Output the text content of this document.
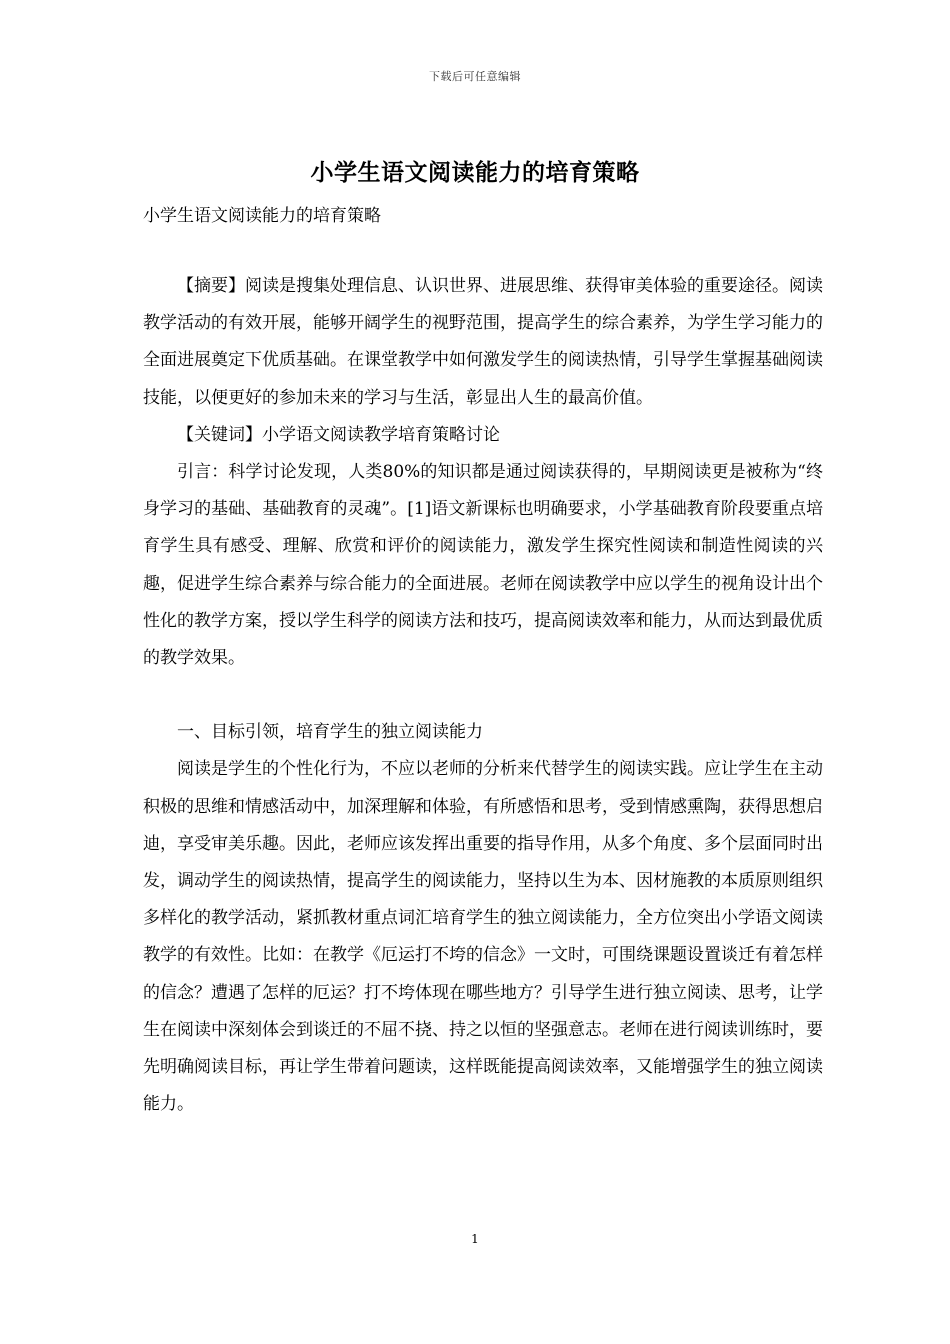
下载后可任意编辑
小学生语文阅读能力的培育策略
小学生语文阅读能力的培育策略

【摘要】阅读是搜集处理信息、认识世界、进展思维、获得审美体验的重要途径。阅读教学活动的有效开展，能够开阔学生的视野范围，提高学生的综合素养，为学生学习能力的全面进展奠定下优质基础。在课堂教学中如何激发学生的阅读热情，引导学生掌握基础阅读技能，以便更好的参加未来的学习与生活，彰显出人生的最高价值。

【关键词】小学语文阅读教学培育策略讨论

引言：科学讨论发现，人类80%的知识都是通过阅读获得的，早期阅读更是被称为“终身学习的基础、基础教育的灵魂”。[1]语文新课标也明确要求，小学基础教育阶段要重点培育学生具有感受、理解、欣赏和评价的阅读能力，激发学生探究性阅读和制造性阅读的兴趣，促进学生综合素养与综合能力的全面进展。老师在阅读教学中应以学生的视角设计出个性化的教学方案，授以学生科学的阅读方法和技巧，提高阅读效率和能力，从而达到最优质的教学效果。

一、目标引领，培育学生的独立阅读能力

阅读是学生的个性化行为，不应以老师的分析来代替学生的阅读实践。应让学生在主动积极的思维和情感活动中，加深理解和体验，有所感悟和思考，受到情感熏陶，获得思想启迪，享受审美乐趣。因此，老师应该发挥出重要的指导作用，从多个角度、多个层面同时出发，调动学生的阅读热情，提高学生的阅读能力，坚持以生为本、因材施教的本质原则组织多样化的教学活动，紧抓教材重点词汇培育学生的独立阅读能力，全方位突出小学语文阅读教学的有效性。比如：在教学《厄运打不垮的信念》一文时，可围绕课题设置谈迁有着怎样的信念？遭遇了怎样的厄运？打不垮体现在哪些地方？引导学生进行独立阅读、思考，让学生在阅读中深刻体会到谈迁的不屈不挠、持之以恒的坚强意志。老师在进行阅读训练时，要先明确阅读目标，再让学生带着问题读，这样既能提高阅读效率，又能增强学生的独立阅读能力。

1
